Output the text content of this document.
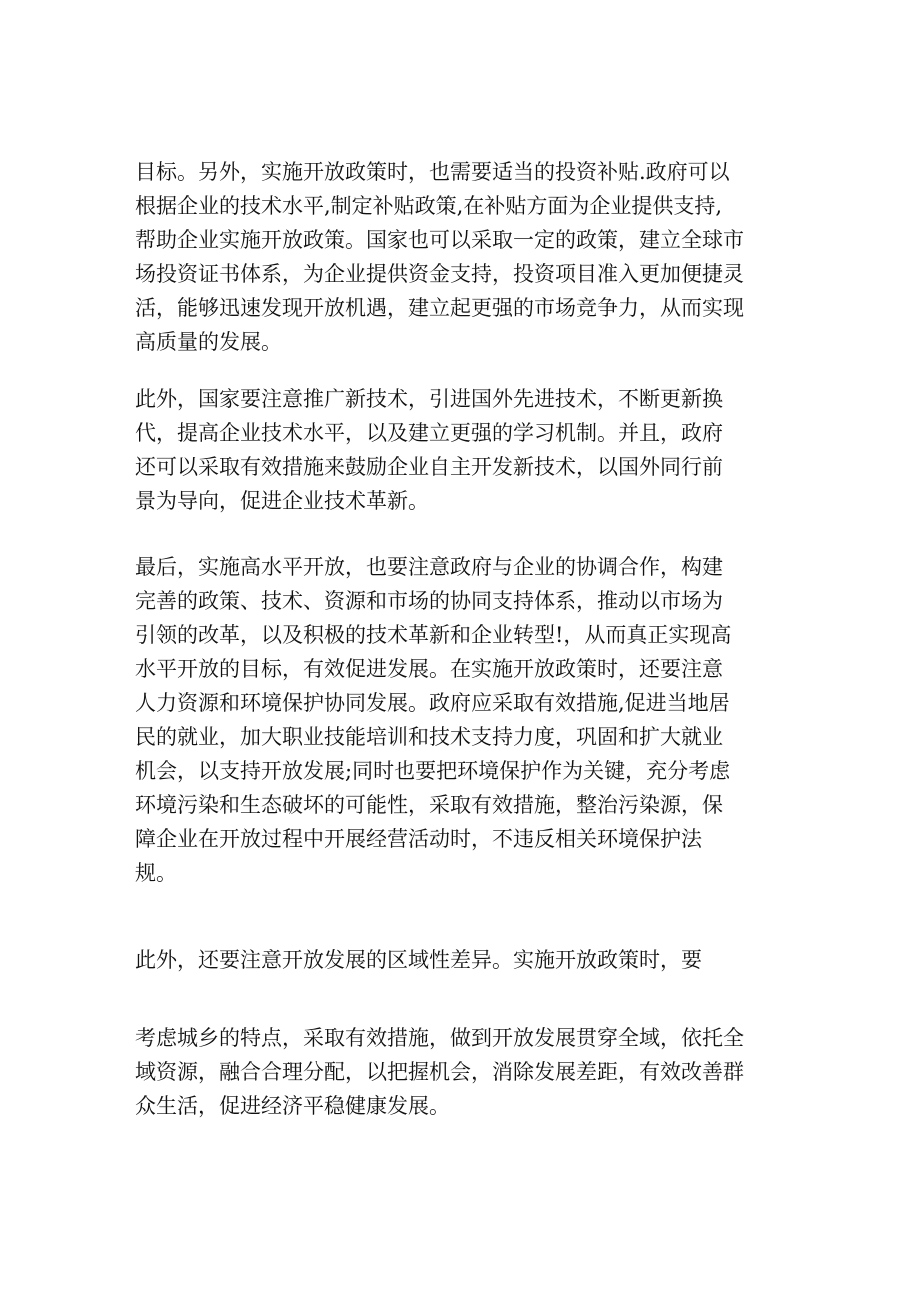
目标。另外，实施开放政策时，也需要适当的投资补贴.政府可以
根据企业的技术水平,制定补贴政策,在补贴方面为企业提供支持,
帮助企业实施开放政策。国家也可以采取一定的政策，建立全球市
场投资证书体系，为企业提供资金支持，投资项目准入更加便捷灵
活，能够迅速发现开放机遇，建立起更强的市场竞争力，从而实现
高质量的发展。
此外，国家要注意推广新技术，引进国外先进技术，不断更新换
代，提高企业技术水平，以及建立更强的学习机制。并且，政府
还可以采取有效措施来鼓励企业自主开发新技术，以国外同行前
景为导向，促进企业技术革新。
最后，实施高水平开放，也要注意政府与企业的协调合作，构建
完善的政策、技术、资源和市场的协同支持体系，推动以市场为
引领的改革，以及积极的技术革新和企业转型!，从而真正实现高
水平开放的目标，有效促进发展。在实施开放政策时，还要注意
人力资源和环境保护协同发展。政府应采取有效措施,促进当地居
民的就业，加大职业技能培训和技术支持力度，巩固和扩大就业
机会，以支持开放发展;同时也要把环境保护作为关键，充分考虑
环境污染和生态破坏的可能性，采取有效措施，整治污染源，保
障企业在开放过程中开展经营活动时，不违反相关环境保护法
规。
此外，还要注意开放发展的区域性差异。实施开放政策时，要
考虑城乡的特点，采取有效措施，做到开放发展贯穿全域，依托全
域资源，融合合理分配，以把握机会，消除发展差距，有效改善群
众生活，促进经济平稳健康发展。
